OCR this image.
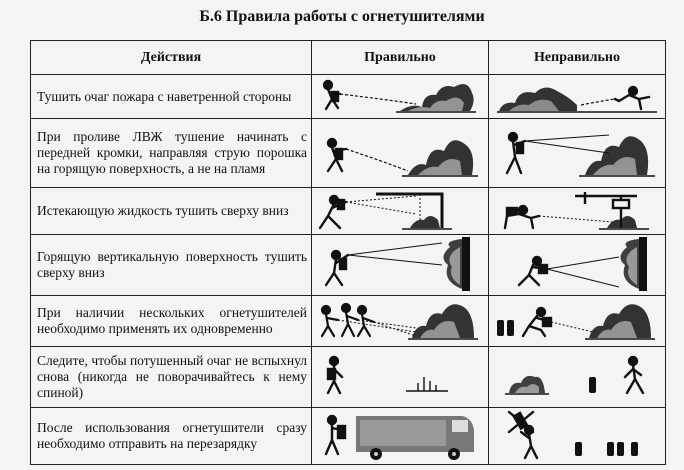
Б.6 Правила работы с огнетушителями
Действия	Правильно	Неправильно
Тушить очаг пожара с наветренной стороны	

При проливе ЛВЖ тушение начинать с передней кромки, направляя струю порошка на горящую поверхность, а не на пламя	

Истекающую жидкость тушить сверху вниз	

Горящую вертикальную поверхность тушить сверху вниз	

При наличии нескольких огнетушителей необходимо применять их одновременно	

Следите, чтобы потушенный очаг не вспыхнул снова (никогда не поворачивайтесь к нему спиной)	

После использования огнетушители сразу необходимо отправить на перезарядку	
